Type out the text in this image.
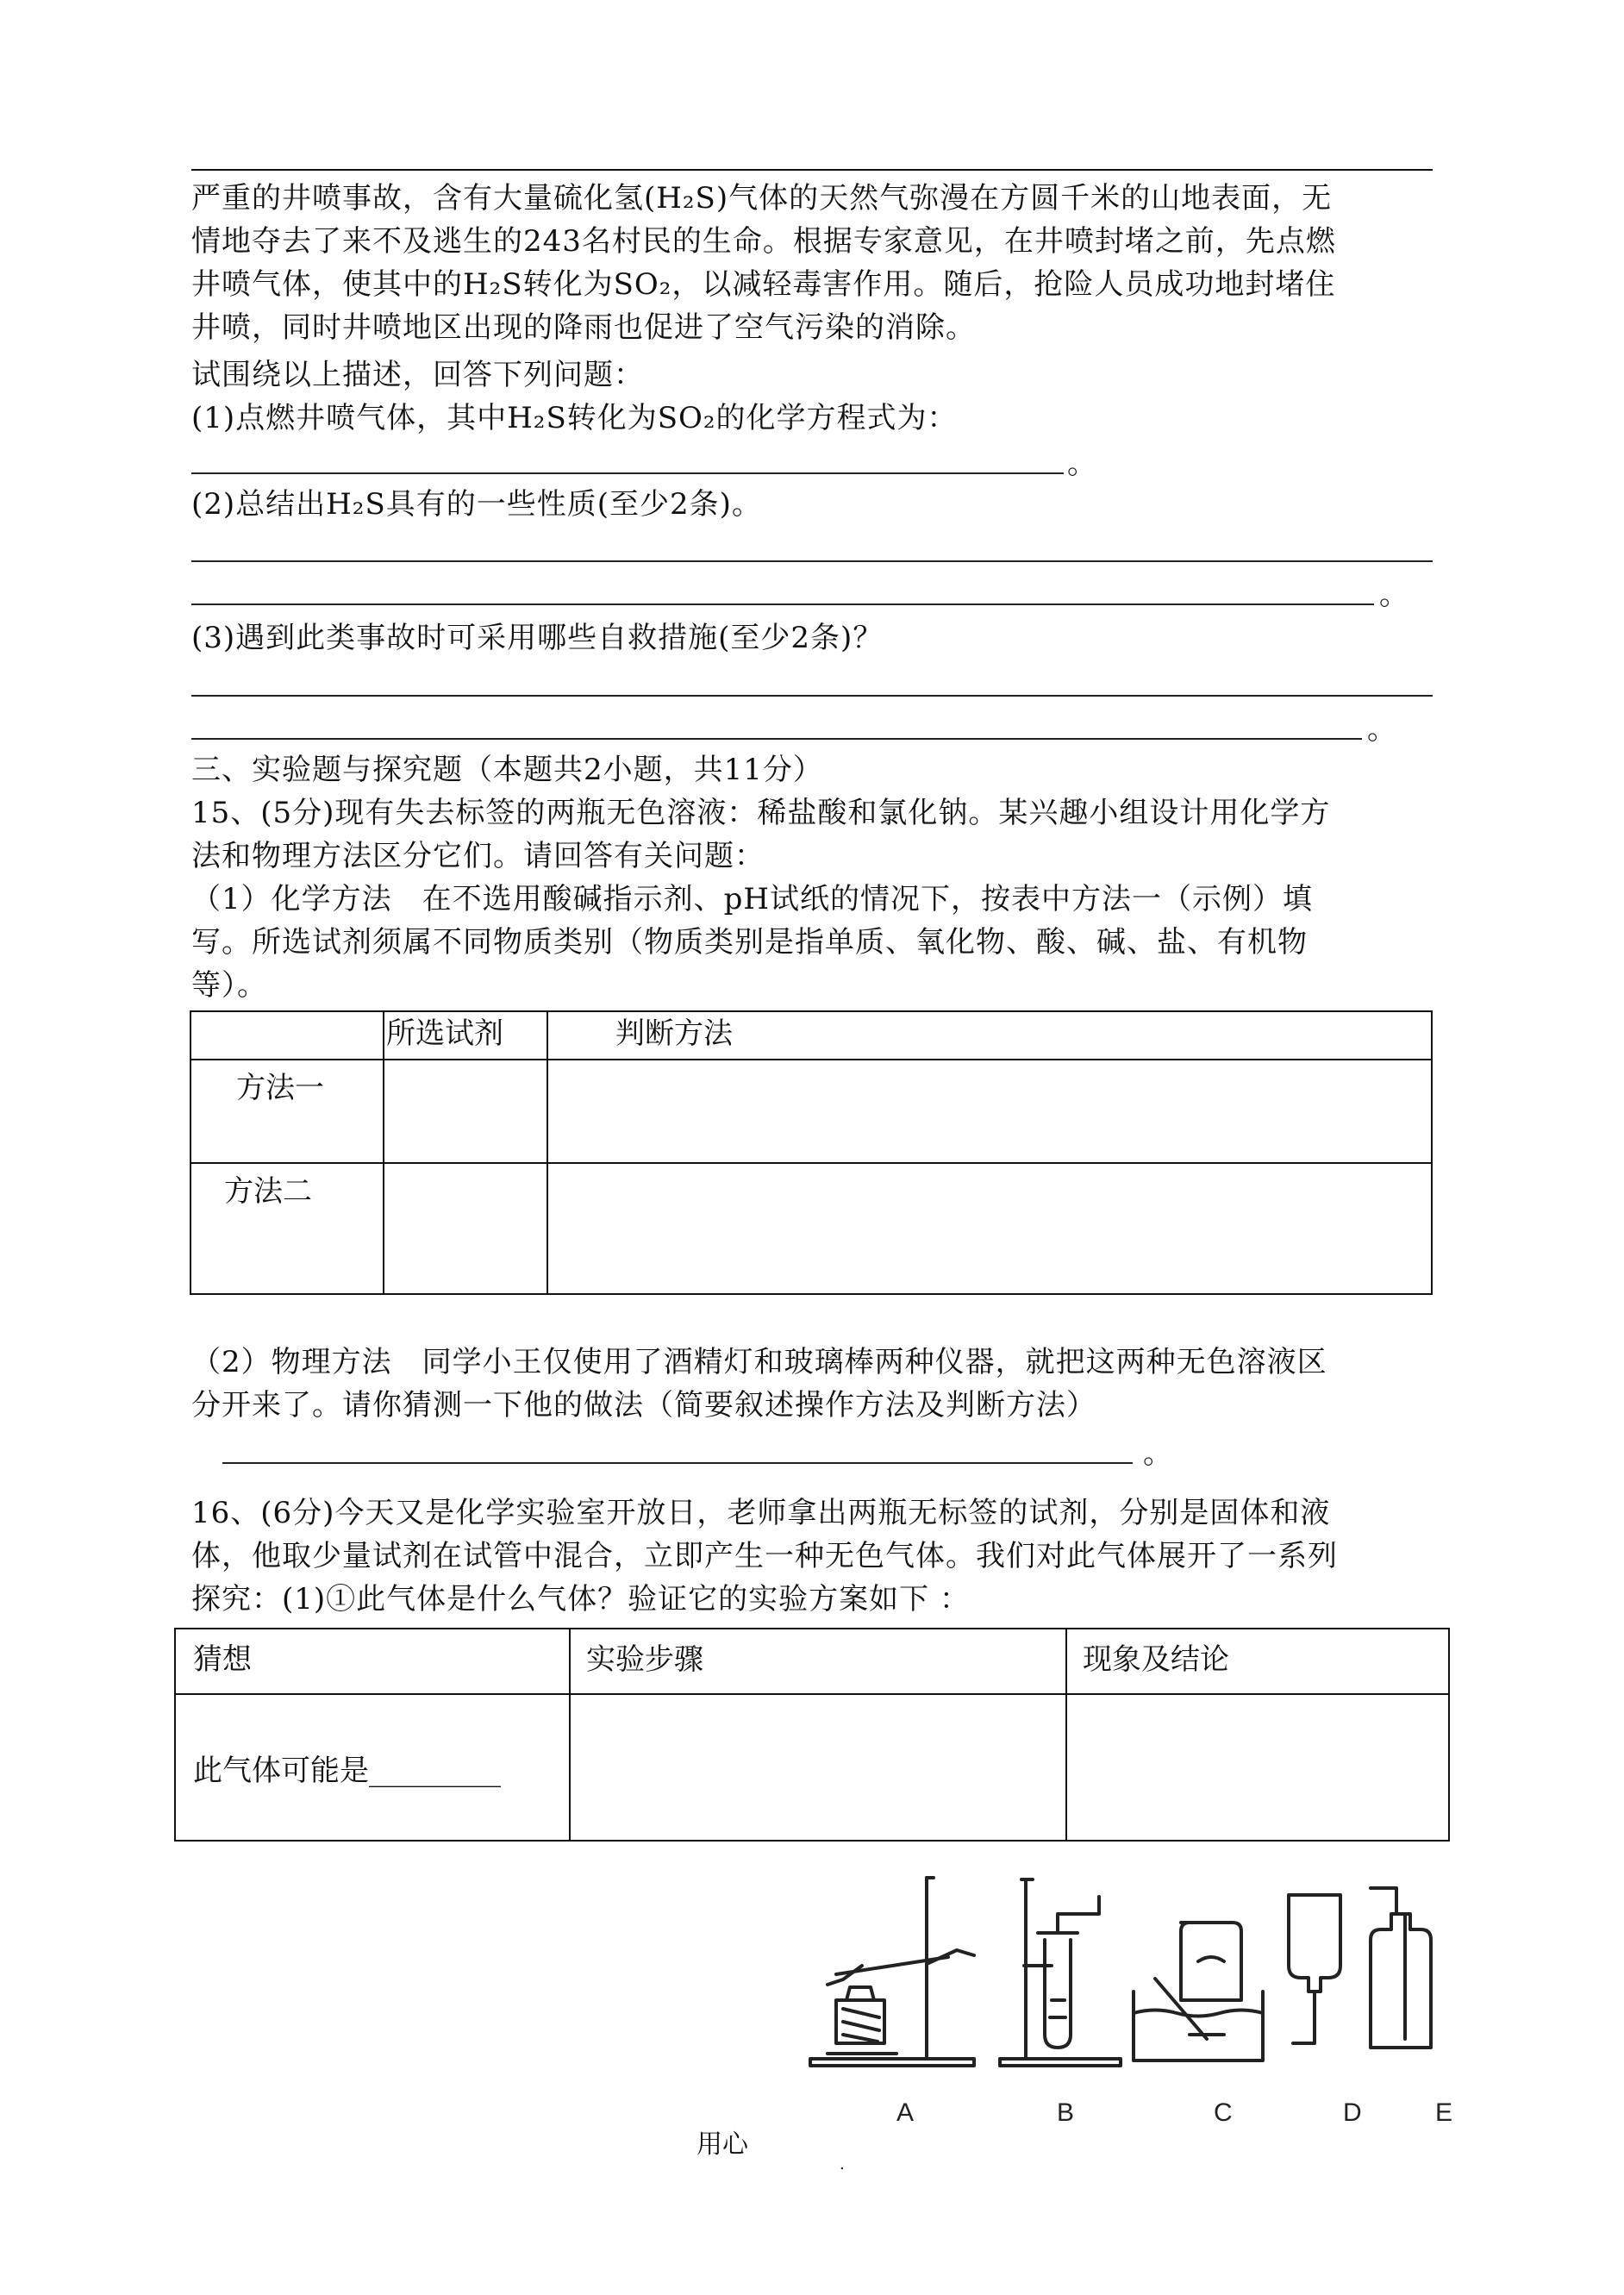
严重的井喷事故，含有大量硫化氢(H₂S)气体的天然气弥漫在方圆千米的山地表面，无
情地夺去了来不及逃生的243名村民的生命。根据专家意见，在井喷封堵之前，先点燃
井喷气体，使其中的H₂S转化为SO₂，以减轻毒害作用。随后，抢险人员成功地封堵住
井喷，同时井喷地区出现的降雨也促进了空气污染的消除。
试围绕以上描述，回答下列问题：
(1)点燃井喷气体，其中H₂S转化为SO₂的化学方程式为：
。
(2)总结出H₂S具有的一些性质(至少2条)。
。
(3)遇到此类事故时可采用哪些自救措施(至少2条)？
。
三、实验题与探究题（本题共2小题，共11分）
15、(5分)现有失去标签的两瓶无色溶液：稀盐酸和氯化钠。某兴趣小组设计用化学方
法和物理方法区分它们。请回答有关问题：
（1）化学方法　在不选用酸碱指示剂、pH试纸的情况下，按表中方法一（示例）填
写。所选试剂须属不同物质类别（物质类别是指单质、氧化物、酸、碱、盐、有机物
等）。
	所选试剂	判断方法
方法一		
方法二		
（2）物理方法　同学小王仅使用了酒精灯和玻璃棒两种仪器，就把这两种无色溶液区
分开来了。请你猜测一下他的做法（简要叙述操作方法及判断方法）
。
16、(6分)今天又是化学实验室开放日，老师拿出两瓶无标签的试剂，分别是固体和液
体，他取少量试剂在试管中混合，立即产生一种无色气体。我们对此气体展开了一系列
探究：(1)①此气体是什么气体？验证它的实验方案如下 ：
猜想	实验步骤	现象及结论
此气体可能是_________		
A	B	C	D	E
用心
.
